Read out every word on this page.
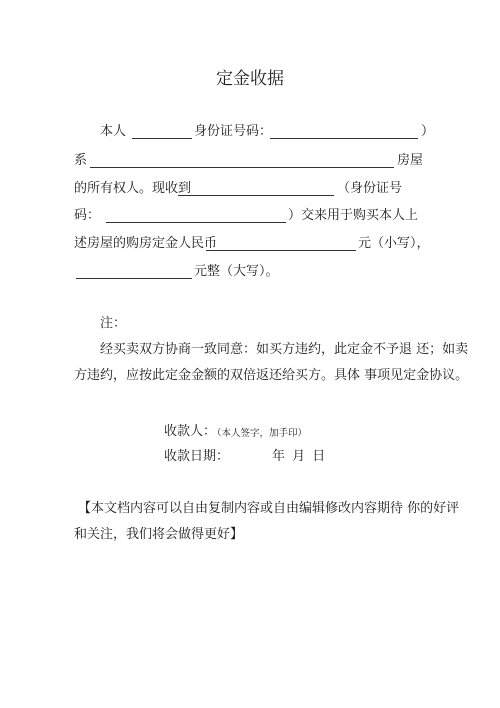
定金收据
本人	身份证号码：	）
系	房屋
的所有权人。现收到	（身份证号
码：	）交来用于购买本人上
述房屋的购房定金人民币	元（小写），
元整（大写）。
注：
经买卖双方协商一致同意：如买方违约，此定金不予退 还；如卖
方违约，应按此定金金额的双倍返还给买方。具体 事项见定金协议。
收款人：
（本人签字，加手印）
收款日期：	年 月 日
【本文档内容可以自由复制内容或自由编辑修改内容期待 你的好评
和关注，我们将会做得更好】
